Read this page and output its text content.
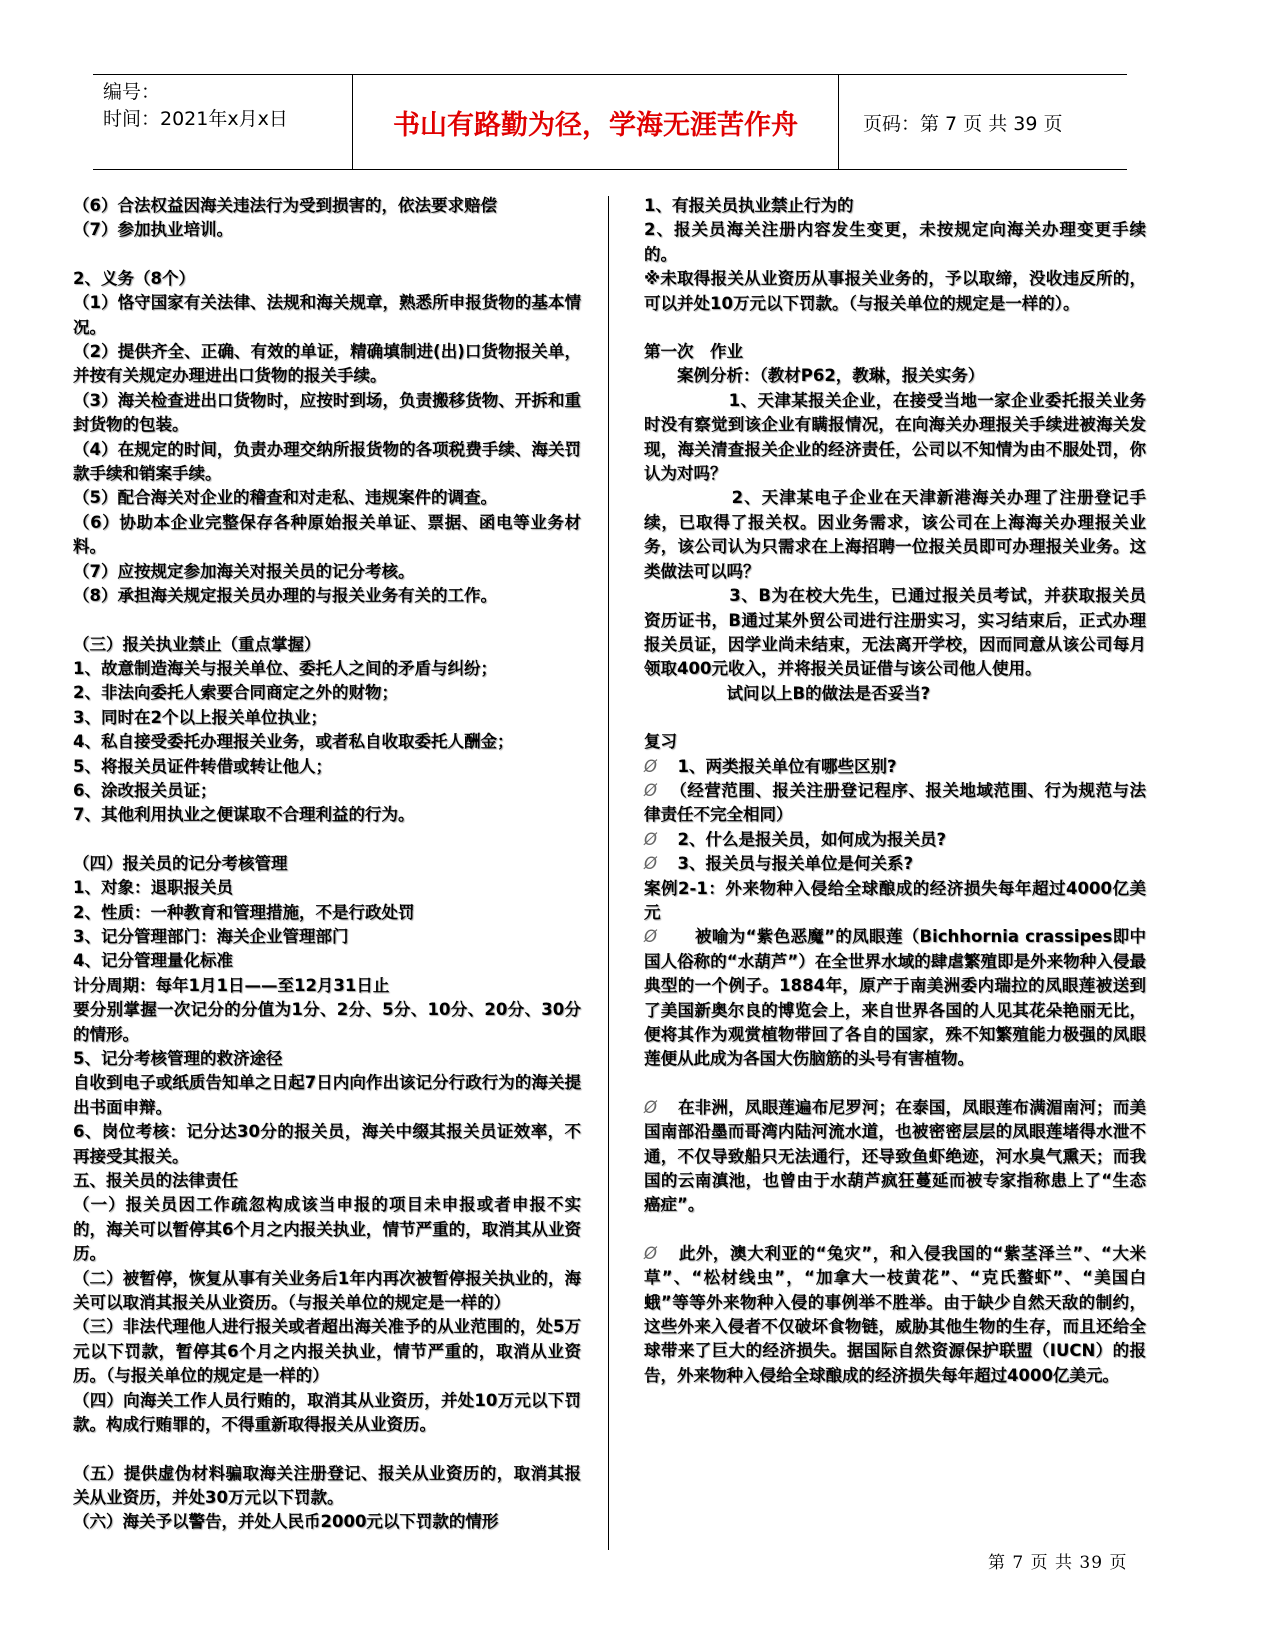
编号：
时间：2021年x月x日	书山有路勤为径，学海无涯苦作舟	页码：第 7 页 共 39 页

（6）合法权益因海关违法行为受到损害的，依法要求赔偿

（7）参加执业培训。

2、义务（8个）

（1）恪守国家有关法律、法规和海关规章，熟悉所申报货物的基本情况。

（2）提供齐全、正确、有效的单证，精确填制进(出)口货物报关单，并按有关规定办理进出口货物的报关手续。

（3）海关检查进出口货物时，应按时到场，负责搬移货物、开拆和重封货物的包装。

（4）在规定的时间，负责办理交纳所报货物的各项税费手续、海关罚款手续和销案手续。

（5）配合海关对企业的稽查和对走私、违规案件的调查。

（6）协助本企业完整保存各种原始报关单证、票据、函电等业务材料。

（7）应按规定参加海关对报关员的记分考核。

（8）承担海关规定报关员办理的与报关业务有关的工作。

（三）报关执业禁止（重点掌握）

1、故意制造海关与报关单位、委托人之间的矛盾与纠纷；

2、非法向委托人索要合同商定之外的财物；

3、同时在2个以上报关单位执业；

4、私自接受委托办理报关业务，或者私自收取委托人酬金；

5、将报关员证件转借或转让他人；

6、涂改报关员证；

7、其他利用执业之便谋取不合理利益的行为。

（四）报关员的记分考核管理

1、对象：退职报关员

2、性质：一种教育和管理措施，不是行政处罚

3、记分管理部门：海关企业管理部门

4、记分管理量化标准

计分周期：每年1月1日——至12月31日止

要分别掌握一次记分的分值为1分、2分、5分、10分、20分、30分的情形。

5、记分考核管理的救济途径

自收到电子或纸质告知单之日起7日内向作出该记分行政行为的海关提出书面申辩。

6、岗位考核：记分达30分的报关员，海关中缀其报关员证效率，不再接受其报关。

五、报关员的法律责任

（一）报关员因工作疏忽构成该当申报的项目未申报或者申报不实的，海关可以暂停其6个月之内报关执业，情节严重的，取消其从业资历。

（二）被暂停，恢复从事有关业务后1年内再次被暂停报关执业的，海关可以取消其报关从业资历。（与报关单位的规定是一样的）

（三）非法代理他人进行报关或者超出海关准予的从业范围的，处5万元以下罚款，暂停其6个月之内报关执业，情节严重的，取消从业资历。（与报关单位的规定是一样的）

（四）向海关工作人员行贿的，取消其从业资历，并处10万元以下罚款。构成行贿罪的，不得重新取得报关从业资历。

（五）提供虚伪材料骗取海关注册登记、报关从业资历的，取消其报关从业资历，并处30万元以下罚款。

（六）海关予以警告，并处人民币2000元以下罚款的情形

1、有报关员执业禁止行为的

2、报关员海关注册内容发生变更，未按规定向海关办理变更手续的。

※未取得报关从业资历从事报关业务的，予以取缔，没收违反所的，可以并处10万元以下罚款。（与报关单位的规定是一样的）。

第一次　作业

　　案例分析：（教材P62，教琳，报关实务）

　　　　　1、天津某报关企业，在接受当地一家企业委托报关业务时没有察觉到该企业有瞒报情况，在向海关办理报关手续进被海关发现，海关清查报关企业的经济责任，公司以不知情为由不服处罚，你认为对吗？

　　　　　2、天津某电子企业在天津新港海关办理了注册登记手续，已取得了报关权。因业务需求，该公司在上海海关办理报关业务，该公司认为只需求在上海招聘一位报关员即可办理报关业务。这类做法可以吗？

　　　　　3、B为在校大先生，已通过报关员考试，并获取报关员资历证书，B通过某外贸公司进行注册实习，实习结束后，正式办理报关员证，因学业尚未结束，无法离开学校，因而同意从该公司每月领取400元收入，并将报关员证借与该公司他人使用。

　　　　　试问以上B的做法是否妥当?

复习

Ø　1、两类报关单位有哪些区别?

Ø　（经营范围、报关注册登记程序、报关地域范围、行为规范与法律责任不完全相同）

Ø　2、什么是报关员，如何成为报关员?

Ø　3、报关员与报关单位是何关系?

案例2-1：外来物种入侵给全球酿成的经济损失每年超过4000亿美元

Ø　　被喻为“紫色恶魔”的凤眼莲（Bichhornia crassipes即中国人俗称的“水葫芦”）在全世界水域的肆虐繁殖即是外来物种入侵最典型的一个例子。1884年，原产于南美洲委内瑞拉的凤眼莲被送到了美国新奥尔良的博览会上，来自世界各国的人见其花朵艳丽无比，便将其作为观赏植物带回了各自的国家，殊不知繁殖能力极强的凤眼莲便从此成为各国大伤脑筋的头号有害植物。

Ø　在非洲，凤眼莲遍布尼罗河；在泰国，凤眼莲布满湄南河；而美国南部沿墨而哥湾内陆河流水道，也被密密层层的凤眼莲堵得水泄不通，不仅导致船只无法通行，还导致鱼虾绝迹，河水臭气熏天；而我国的云南滇池，也曾由于水葫芦疯狂蔓延而被专家指称患上了“生态癌症”。

Ø　此外，澳大利亚的“兔灾”，和入侵我国的“紫茎泽兰”、“大米草”、“松材线虫”，“加拿大一枝黄花”、“克氏螯虾”、“美国白蛾”等等外来物种入侵的事例举不胜举。由于缺少自然天敌的制约，这些外来入侵者不仅破坏食物链，威胁其他生物的生存，而且还给全球带来了巨大的经济损失。据国际自然资源保护联盟（IUCN）的报告，外来物种入侵给全球酿成的经济损失每年超过4000亿美元。

第 7 页 共 39 页
